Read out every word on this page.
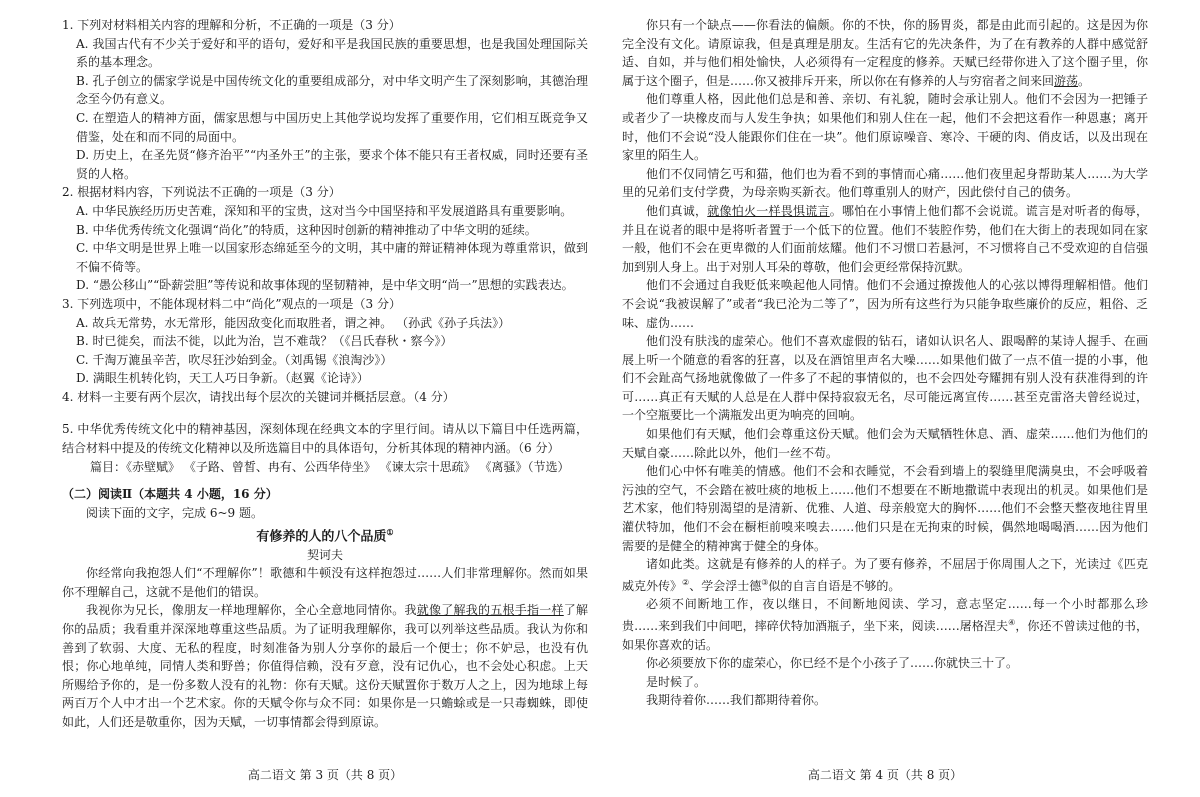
1. 下列对材料相关内容的理解和分析，不正确的一项是（3 分）

A. 我国古代有不少关于爱好和平的语句，爱好和平是我国民族的重要思想，也是我国处理国际关系的基本理念。

B. 孔子创立的儒家学说是中国传统文化的重要组成部分，对中华文明产生了深刻影响，其德治理念至今仍有意义。

C. 在塑造人的精神方面，儒家思想与中国历史上其他学说均发挥了重要作用，它们相互既竞争又借鉴，处在和而不同的局面中。

D. 历史上，在圣先贤“修齐治平”“内圣外王”的主张，要求个体不能只有王者权威，同时还要有圣贤的人格。

2. 根据材料内容，下列说法不正确的一项是（3 分）

A. 中华民族经历历史苦难，深知和平的宝贵，这对当今中国坚持和平发展道路具有重要影响。

B. 中华优秀传统文化强调“尚化”的特质，这种因时创新的精神推动了中华文明的延续。

C. 中华文明是世界上唯一以国家形态绵延至今的文明，其中庸的辩证精神体现为尊重常识，做到不偏不倚等。

D. “愚公移山”“卧薪尝胆”等传说和故事体现的坚韧精神，是中华文明“尚一”思想的实践表达。

3. 下列选项中，不能体现材料二中“尚化”观点的一项是（3 分）

A. 故兵无常势，水无常形，能因敌变化而取胜者，谓之神。 （孙武《孙子兵法》）

B. 时已徙矣，而法不徙，以此为治，岂不难哉？（《吕氏春秋・察今》）

C. 千淘万漉虽辛苦，吹尽狂沙始到金。（刘禹锡《浪淘沙》）

D. 满眼生机转化钧，天工人巧日争新。（赵翼《论诗》）

4. 材料一主要有两个层次，请找出每个层次的关键词并概括层意。（4 分）

5. 中华优秀传统文化中的精神基因，深刻体现在经典文本的字里行间。请从以下篇目中任选两篇，结合材料中提及的传统文化精神以及所选篇目中的具体语句，分析其体现的精神内涵。（6 分）

篇目：《赤壁赋》 《子路、曾皙、冉有、公西华侍坐》 《谏太宗十思疏》 《离骚》（节选）

（二）阅读Ⅱ（本题共 4 小题，16 分）

阅读下面的文字，完成 6~9 题。

有修养的人的八个品质①

契诃夫

你经常向我抱怨人们“不理解你”！歌德和牛顿没有这样抱怨过……人们非常理解你。然而如果你不理解自己，这就不是他们的错误。

我视你为兄长，像朋友一样地理解你，全心全意地同情你。我就像了解我的五根手指一样了解你的品质；我看重并深深地尊重这些品质。为了证明我理解你，我可以列举这些品质。我认为你和善到了软弱、大度、无私的程度，时刻准备为别人分享你的最后一个便士；你不妒忌，也没有仇恨；你心地单纯，同情人类和野兽；你值得信赖，没有歹意，没有记仇心，也不会处心积虑。上天所赐给予你的，是一份多数人没有的礼物：你有天赋。这份天赋置你于数万人之上，因为地球上每两百万个人中才出一个艺术家。你的天赋令你与众不同：如果你是一只蟾蜍或是一只毒蜘蛛，即使如此，人们还是敬重你，因为天赋，一切事情都会得到原谅。

你只有一个缺点——你看法的偏颇。你的不快，你的肠胃炎，都是由此而引起的。这是因为你完全没有文化。请原谅我，但是真理是朋友。生活有它的先决条件，为了在有教养的人群中感觉舒适、自如，并与他们相处愉快，人必须得有一定程度的修养。天赋已经带你进入了这个圈子里，你属于这个圈子，但是……你又被排斥开来，所以你在有修养的人与穷宿者之间来回游荡。

他们尊重人格，因此他们总是和善、亲切、有礼貌，随时会承让别人。他们不会因为一把锤子或者少了一块橡皮而与人发生争执；如果他们和别人住在一起，他们不会把这看作一种恩惠；离开时，他们不会说“没人能跟你们住在一块”。他们原谅噪音、寒冷、干硬的肉、俏皮话，以及出现在家里的陌生人。

他们不仅同情乞丐和猫，他们也为看不到的事情而心痛……他们夜里起身帮助某人……为大学里的兄弟们支付学费，为母亲购买新衣。他们尊重别人的财产，因此偿付自己的债务。

他们真诚，就像怕火一样畏惧谎言。哪怕在小事情上他们都不会说谎。谎言是对听者的侮辱，并且在说者的眼中是将听者置于一个低下的位置。他们不装腔作势，他们在大街上的表现如同在家一般，他们不会在更卑微的人们面前炫耀。他们不习惯口若悬河，不习惯将自己不受欢迎的自信强加到别人身上。出于对别人耳朵的尊敬，他们会更经常保持沉默。

他们不会通过自我贬低来唤起他人同情。他们不会通过撩拨他人的心弦以博得理解相惜。他们不会说“我被误解了”或者“我已沦为二等了”，因为所有这些行为只能争取些廉价的反应，粗俗、乏味、虚伪……

他们没有肤浅的虚荣心。他们不喜欢虚假的钻石，诸如认识名人、跟喝醉的某诗人握手、在画展上听一个随意的看客的狂喜，以及在酒馆里声名大噪……如果他们做了一点不值一提的小事，他们不会趾高气扬地就像做了一件多了不起的事情似的，也不会四处夸耀拥有别人没有获准得到的许可……真正有天赋的人总是在人群中保持寂寂无名，尽可能远离宣传……甚至克雷洛夫曾经说过，一个空瓶要比一个满瓶发出更为响亮的回响。

如果他们有天赋，他们会尊重这份天赋。他们会为天赋牺牲休息、酒、虚荣……他们为他们的天赋自豪……除此以外，他们一丝不苟。

他们心中怀有唯美的情感。他们不会和衣睡觉，不会看到墙上的裂缝里爬满臭虫，不会呼吸着污浊的空气，不会踏在被吐痰的地板上……他们不想要在不断地撒谎中表现出的机灵。如果他们是艺术家，他们特别渴望的是清新、优雅、人道、母亲般宽大的胸怀……他们不会整天整夜地往胃里灌伏特加，他们不会在橱柜前嗅来嗅去……他们只是在无拘束的时候，偶然地喝喝酒……因为他们需要的是健全的精神寓于健全的身体。

诸如此类。这就是有修养的人的样子。为了要有修养，不屈居于你周围人之下，光读过《匹克威克外传》②、学会浮士德③似的自言自语是不够的。

必须不间断地工作，夜以继日，不间断地阅读、学习，意志坚定……每一个小时都那么珍贵……来到我们中间吧，摔碎伏特加酒瓶子，坐下来，阅读……屠格涅夫④，你还不曾读过他的书，如果你喜欢的话。

你必须要放下你的虚荣心，你已经不是个小孩子了……你就快三十了。

是时候了。

我期待着你……我们都期待着你。

高二语文 第 3 页（共 8 页）	高二语文 第 4 页（共 8 页）
